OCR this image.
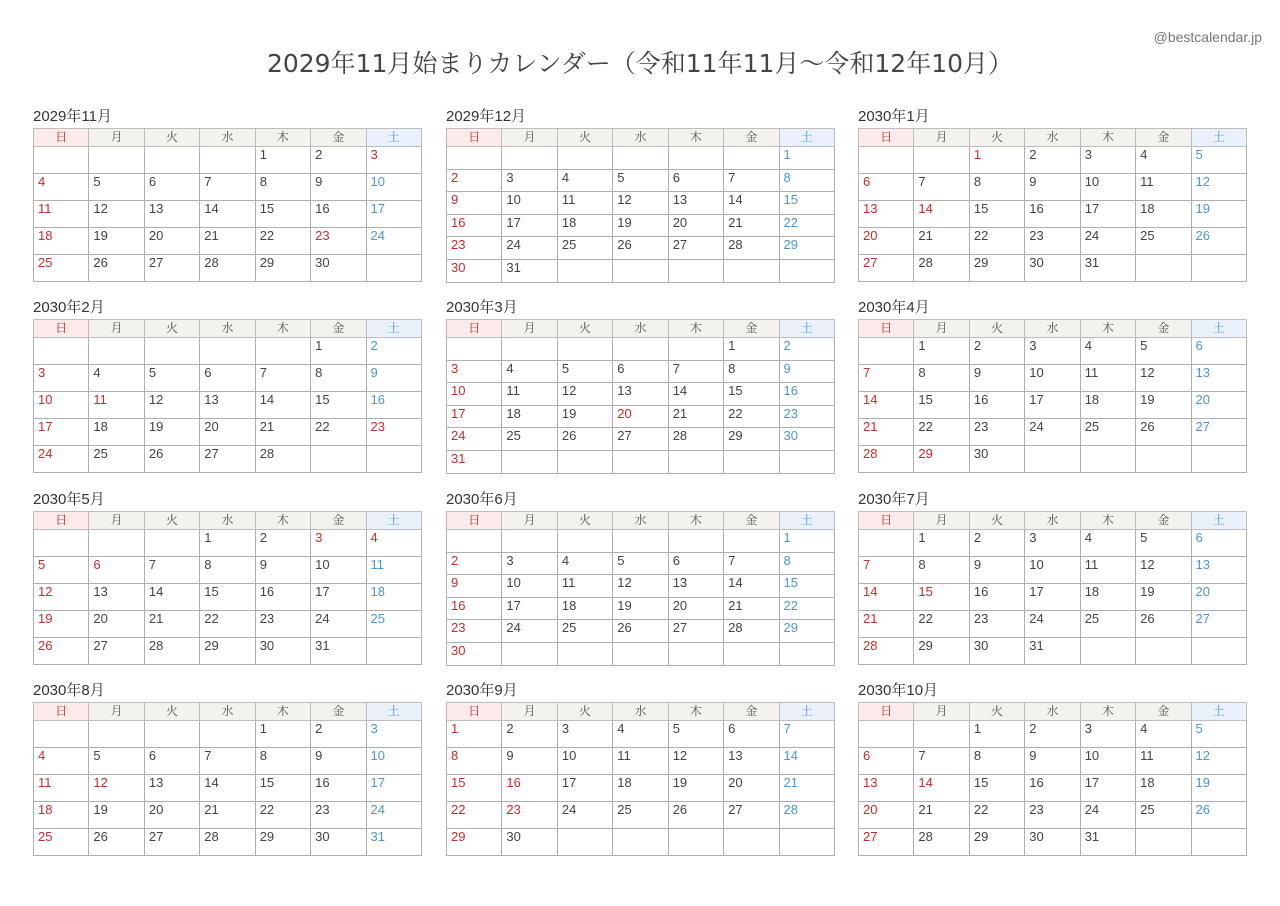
2029年11月始まりカレンダー（令和11年11月〜令和12年10月）
@bestcalendar.jp
2029年11月
日	月	火	水	木	金	土
				1	2	3
4	5	6	7	8	9	10
11	12	13	14	15	16	17
18	19	20	21	22	23	24
25	26	27	28	29	30	
2029年12月
日	月	火	水	木	金	土
						1
2	3	4	5	6	7	8
9	10	11	12	13	14	15
16	17	18	19	20	21	22
23	24	25	26	27	28	29
30	31					
2030年1月
日	月	火	水	木	金	土
		1	2	3	4	5
6	7	8	9	10	11	12
13	14	15	16	17	18	19
20	21	22	23	24	25	26
27	28	29	30	31		
2030年2月
日	月	火	水	木	金	土
					1	2
3	4	5	6	7	8	9
10	11	12	13	14	15	16
17	18	19	20	21	22	23
24	25	26	27	28		
2030年3月
日	月	火	水	木	金	土
					1	2
3	4	5	6	7	8	9
10	11	12	13	14	15	16
17	18	19	20	21	22	23
24	25	26	27	28	29	30
31						
2030年4月
日	月	火	水	木	金	土
	1	2	3	4	5	6
7	8	9	10	11	12	13
14	15	16	17	18	19	20
21	22	23	24	25	26	27
28	29	30				
2030年5月
日	月	火	水	木	金	土
			1	2	3	4
5	6	7	8	9	10	11
12	13	14	15	16	17	18
19	20	21	22	23	24	25
26	27	28	29	30	31	
2030年6月
日	月	火	水	木	金	土
						1
2	3	4	5	6	7	8
9	10	11	12	13	14	15
16	17	18	19	20	21	22
23	24	25	26	27	28	29
30						
2030年7月
日	月	火	水	木	金	土
	1	2	3	4	5	6
7	8	9	10	11	12	13
14	15	16	17	18	19	20
21	22	23	24	25	26	27
28	29	30	31			
2030年8月
日	月	火	水	木	金	土
				1	2	3
4	5	6	7	8	9	10
11	12	13	14	15	16	17
18	19	20	21	22	23	24
25	26	27	28	29	30	31
2030年9月
日	月	火	水	木	金	土
1	2	3	4	5	6	7
8	9	10	11	12	13	14
15	16	17	18	19	20	21
22	23	24	25	26	27	28
29	30					
2030年10月
日	月	火	水	木	金	土
		1	2	3	4	5
6	7	8	9	10	11	12
13	14	15	16	17	18	19
20	21	22	23	24	25	26
27	28	29	30	31		
